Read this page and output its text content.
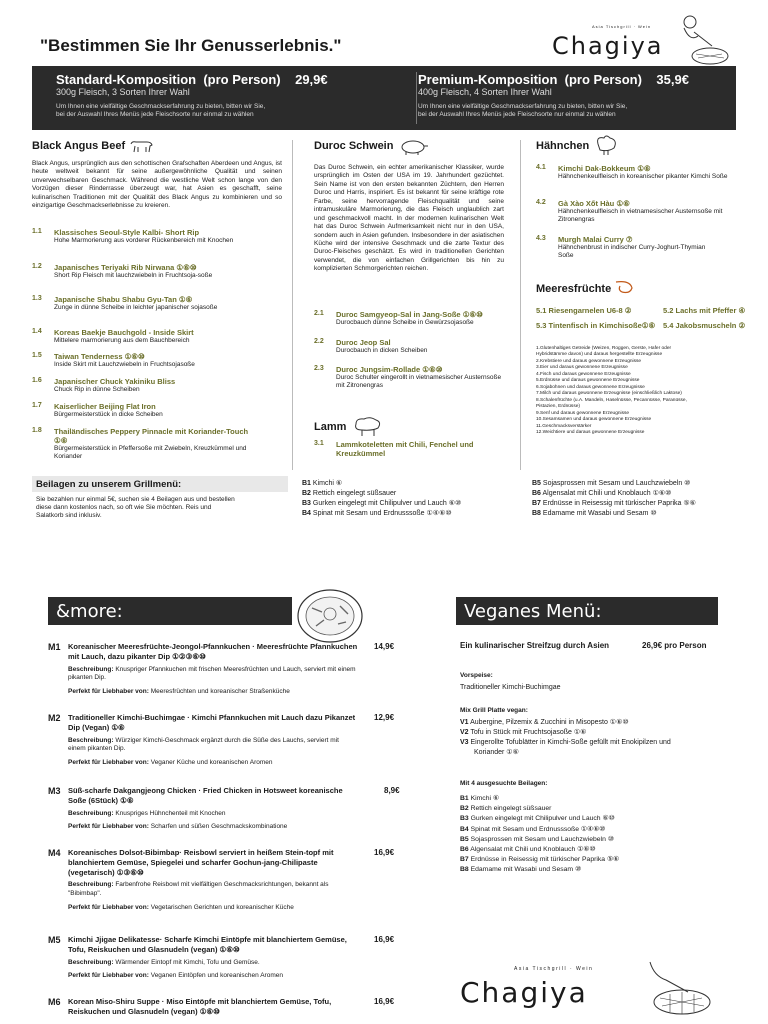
"Bestimmen Sie Ihr Genusserlebnis."
Asia Tischgrill · Wein
Chagiya
Standard-Komposition (pro Person) 29,9€
300g Fleisch, 3 Sorten Ihrer Wahl
Um Ihnen eine vielfältige Geschmackserfahrung zu bieten, bitten wir Sie,
bei der Auswahl Ihres Menüs jede Fleischsorte nur einmal zu wählen
Premium-Komposition (pro Person) 35,9€
400g Fleisch, 4 Sorten Ihrer Wahl
Um Ihnen eine vielfältige Geschmackserfahrung zu bieten, bitten wir Sie,
bei der Auswahl Ihres Menüs jede Fleischsorte nur einmal zu wählen
Black Angus Beef
Black Angus, ursprünglich aus den schottischen Grafschaften Aberdeen und Angus, ist heute weltweit bekannt für seine außergewöhnliche Qualität und seinen unverwechselbaren Geschmack. Während die westliche Welt schon lange von den Vorzügen dieser Rinderrasse überzeugt war, hat Asien es geschafft, seine kulinarischen Traditionen mit der Qualität des Black Angus zu kombinieren und so einzigartige Geschmackserlebnisse zu kreieren.
1.1 Klassisches Seoul-Style Kalbi- Short Rip
Hohe Marmorierung aus vorderer Rückenbereich mit Knochen
1.2 Japanisches Teriyaki Rib Nirwana ①⑥⑩
Short Rip Fleisch mit lauchzwiebeln in Fruchtsoja-soße
1.3 Japanische Shabu Shabu Gyu-Tan ①⑥
Zunge in dünne Scheibe in leichter japanischer sojasoße
1.4 Koreas Baekje Bauchgold - Inside Skirt
Mittelere marmorierung aus dem Bauchbereich
1.5 Taiwan Tenderness ①⑥⑩
Inside Skirt mit Lauchzwiebeln in Fruchtsojasoße
1.6 Japanischer Chuck Yakiniku Bliss
Chuck Rip in dünne Scheiben
1.7 Kaiserlicher Beijing Flat Iron
Bürgermeisterstück in dicke Scheiben
1.8 Thailändisches Peppery Pinnacle mit Koriander-Touch ①⑥
Bürgermeisterstück in Pfeffersoße mit Zwiebeln, Kreuzkümmel und Koriander
Duroc Schwein
Das Duroc Schwein, ein echter amerikanischer Klassiker, wurde ursprünglich im Osten der USA im 19. Jahrhundert gezüchtet. Sein Name ist von den ersten bekannten Züchtern, den Herren Duroc und Harris, inspiriert. Es ist bekannt für seine kräftige rote Farbe, seine hervorragende Fleischqualität und seine intramuskuläre Marmorierung, die das Fleisch unglaublich zart und geschmackvoll macht. In der modernen kulinarischen Welt hat das Duroc Schwein Aufmerksamkeit nicht nur in den USA, sondern auch in Asien gefunden. Insbesondere in der asiatischen Küche wird der intensive Geschmack und die zarte Textur des Duroc-Fleisches geschätzt. Es wird in traditionellen Gerichten verwendet, die von einfachen Grillgerichten bis hin zu komplizierten Schmorgerichten reichen.
2.1 Duroc Samgyeop-Sal in Jang-Soße ①⑥⑩
Durocbauch dünne Scheibe in Gewürzsojasoße
2.2 Duroc Jeop Sal
Durocbauch in dicken Scheiben
2.3 Duroc Jungsim-Rollade ①⑥⑩
Duroc Schulter eingerollt in vietnamesischer Austernsoße mit Zitronengras
Lamm
3.1 Lammkoteletten mit Chili, Fenchel und Kreuzkümmel
Hähnchen
4.1 Kimchi Dak-Bokkeum ①⑥
Hähnchenkeulfleisch in koreanischer pikanter Kimchi Soße
4.2 Gà Xào Xốt Hàu ①⑥
Hähnchenkeulfleisch in vietnamesischer Austernsoße mit Zitronengras
4.3 Murgh Malai Curry ⑦
Hähnchenbrust in indischer Curry-Joghurt-Thymian Soße
Meeresfrüchte
5.1 Riesengarnelen U6-8 ②	5.2 Lachs mit Pfeffer ④
5.3 Tintenfisch in Kimchisoße①⑥ 5.4 Jakobsmuscheln ②
1.Glutenhaltiges Getreide (Weizen, Roggen, Gerste, Hafer oder
Hybridstämme davon) und daraus hergestellte Erzeugnisse
2.Krebstiere und daraus gewonnene Erzeugnisse
3.Eier und daraus gewonnene Erzeugnisse
4.Fisch und daraus gewonnene Erzeugnisse
5.Erdnüsse und daraus gewonnene Erzeugnisse
6.Sojabohnen und daraus gewonnene Erzeugnisse
7.Milch und daraus gewonnene Erzeugnisse (einschließlich Laktose)
8.Schalenfrüchte (u.A. Mandeln, Haselnüsse, Pecannüsse, Paranüsse,
Pistazien, Erdnüsse)
9.Senf und daraus gewonnene Erzeugnisse
10.Sesamsamen und daraus gewonnene Erzeugnisse
11.Geschmacksverstärker
12.Weichtiere und daraus gewonnene Erzeugnisse
Beilagen zu unserem Grillmenü:
Sie bezahlen nur einmal 5€, suchen sie 4 Beilagen aus und bestellen diese dann kostenlos nach, so oft wie Sie möchten. Reis und Salatkorb sind inklusiv.
B1 Kimchi ⑥
B2 Rettich eingelegt süßsauer
B3 Gurken eingelegt mit Chilipulver und Lauch ⑥⑩
B4 Spinat mit Sesam und Erdnusssoße ①④⑥⑩
B5 Sojasprossen mit Sesam und Lauchzwiebeln ⑩
B6 Algensalat mit Chili und Knoblauch ①⑥⑩
B7 Erdnüsse in Reisessig mit türkischer Paprika ⑤⑥
B8 Edamame mit Wasabi und Sesam ⑩
&more:
M1 Koreanischer Meeresfrüchte-Jeongol-Pfannkuchen · Meeresfrüchte Pfannkuchen mit Lauch, dazu pikanter Dip ①②③⑥⑩
14,9€
Beschreibung: Knuspriger Pfannkuchen mit frischen Meeresfrüchten und Lauch, serviert mit einem pikanten Dip.
Perfekt für Liebhaber von: Meeresfrüchten und koreanischer Straßenküche
M2 Traditioneller Kimchi-Buchimgae · Kimchi Pfannkuchen mit Lauch dazu Pikanzet Dip (Vegan) ①⑥
12,9€
Beschreibung: Würziger Kimchi-Geschmack ergänzt durch die Süße des Lauchs, serviert mit einem pikanten Dip.
Perfekt für Liebhaber von: Veganer Küche und koreanischen Aromen
M3 Süß-scharfe Dakgangjeong Chicken · Fried Chicken in Hotsweet koreanische Soße (6Stück) ①⑥
8,9€
Beschreibung: Knuspriges Hühnchenteil mit Knochen
Perfekt für Liebhaber von: Scharfen und süßen Geschmackskombinatione
M4 Koreanisches Dolsot-Bibimbap· Reisbowl serviert in heißem Stein-topf mit blanchiertem Gemüse, Spiegelei und scharfer Gochun-jang-Chilipaste (vegetarisch) ①③⑥⑩
16,9€
Beschreibung: Farbenfrohe Reisbowl mit vielfältigen Geschmacksrichtungen, bekannt als "Bibimbap".
Perfekt für Liebhaber von: Vegetarischen Gerichten und koreanischer Küche
M5 Kimchi Jjigae Delikatesse· Scharfe Kimchi Eintöpfe mit blanchiertem Gemüse, Tofu, Reiskuchen und Glasnudeln (vegan) ①⑥⑩
16,9€
Beschreibung: Wärmender Eintopf mit Kimchi, Tofu und Gemüse.
Perfekt für Liebhaber von: Veganen Eintöpfen und koreanischen Aromen
M6 Korean Miso-Shiru Suppe · Miso Eintöpfe mit blanchiertem Gemüse, Tofu, Reiskuchen und Glasnudeln (vegan) ①⑥⑩
16,9€
Veganes Menü:
Ein kulinarischer Streifzug durch Asien	26,9€ pro Person
Vorspeise:
Traditioneller Kimchi-Buchimgae
Mix Grill Platte vegan:
V1 Aubergine, Pilzemix & Zucchini in Misopesto ①⑥⑩
V2 Tofu in Stück mit Fruchtsojasoße ①⑥
V3 Eingerollte Tofublätter in Kimchi-Soße gefüllt mit Enokipilzen und Koriander ①⑥
Mit 4 ausgesuchte Beilagen:
B1 Kimchi ⑥
B2 Rettich eingelegt süßsauer
B3 Gurken eingelegt mit Chilipulver und Lauch ⑥⑩
B4 Spinat mit Sesam und Erdnusssoße ①④⑥⑩
B5 Sojasprossen mit Sesam und Lauchzwiebeln ⑩
B6 Algensalat mit Chili und Knoblauch ①⑥⑩
B7 Erdnüsse in Reisessig mit türkischer Paprika ⑤⑥
B8 Edamame mit Wasabi und Sesam ⑩
Asia Tischgrill · Wein
Chagiya
